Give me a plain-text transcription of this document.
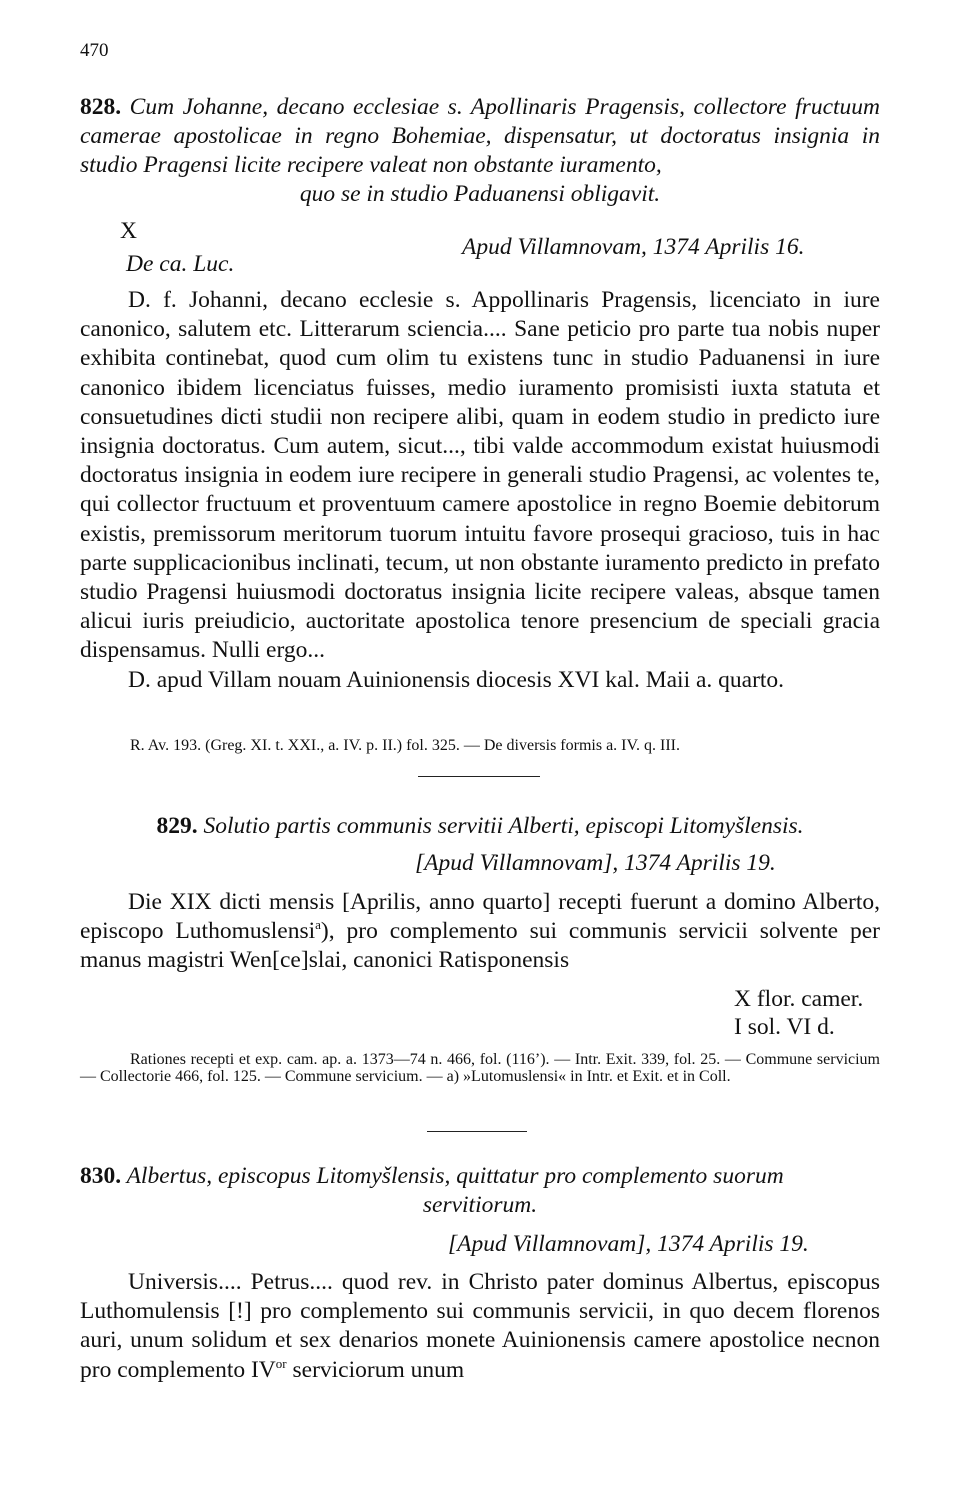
470
828. Cum Johanne, decano ecclesiae s. Apollinaris Pragensis, collectore fructuum camerae apostolicae in regno Bohemiae, dispensatur, ut doctoratus insignia in studio Pragensi licite recipere valeat non obstante iuramento,
quo se in studio Paduanensi obligavit.
X
De ca. Luc.
Apud Villamnovam, 1374 Aprilis 16.

D. f. Johanni, decano ecclesie s. Appollinaris Pragensis, licenciato in iure canonico, salutem etc. Litterarum sciencia.... Sane peticio pro parte tua nobis nuper exhibita continebat, quod cum olim tu existens tunc in studio Paduanensi in iure canonico ibidem licenciatus fuisses, medio iuramento promisisti iuxta statuta et consuetudines dicti studii non recipere alibi, quam in eodem studio in predicto iure insignia doctoratus. Cum autem, sicut..., tibi valde accommodum existat huiusmodi doctoratus insignia in eodem iure recipere in generali studio Pragensi, ac volentes te, qui collector fructuum et proventuum camere apostolice in regno Boemie debitorum existis, premissorum meritorum tuorum intuitu favore prosequi gracioso, tuis in hac parte supplicacionibus inclinati, tecum, ut non obstante iuramento predicto in prefato studio Pragensi huiusmodi doctoratus insignia licite recipere valeas, absque tamen alicui iuris preiudicio, auctoritate apostolica tenore presencium de speciali gracia dispensamus. Nulli ergo...

D. apud Villam nouam Auinionensis diocesis XVI kal. Maii a. quarto.

R. Av. 193. (Greg. XI. t. XXI., a. IV. p. II.) fol. 325. — De diversis formis a. IV. q. III.

829. Solutio partis communis servitii Alberti, episcopi Litomyšlensis.
[Apud Villamnovam], 1374 Aprilis 19.

Die XIX dicti mensis [Aprilis, anno quarto] recepti fuerunt a domino Alberto, episcopo Luthomuslensi$^a$), pro complemento sui communis servicii solvente per manus magistri Wen[ce]slai, canonici Ratisponensis

X flor. camer.
I sol. VI d.

Rationes recepti et exp. cam. ap. a. 1373—74 n. 466, fol. (116’). — Intr. Exit. 339, fol. 25. — Commune servicium — Collectorie 466, fol. 125. — Commune servicium. — a) »Lutomuslensi« in Intr. et Exit. et in Coll.

830. Albertus, episcopus Litomyšlensis, quittatur pro complemento suorum
servitiorum.
[Apud Villamnovam], 1374 Aprilis 19.

Universis.... Petrus.... quod rev. in Christo pater dominus Albertus, episcopus Luthomulensis [!] pro complemento sui communis servicii, in quo decem florenos auri, unum solidum et sex denarios monete Auinionensis camere apostolice necnon pro complemento $IV^{or}$ serviciorum unum
